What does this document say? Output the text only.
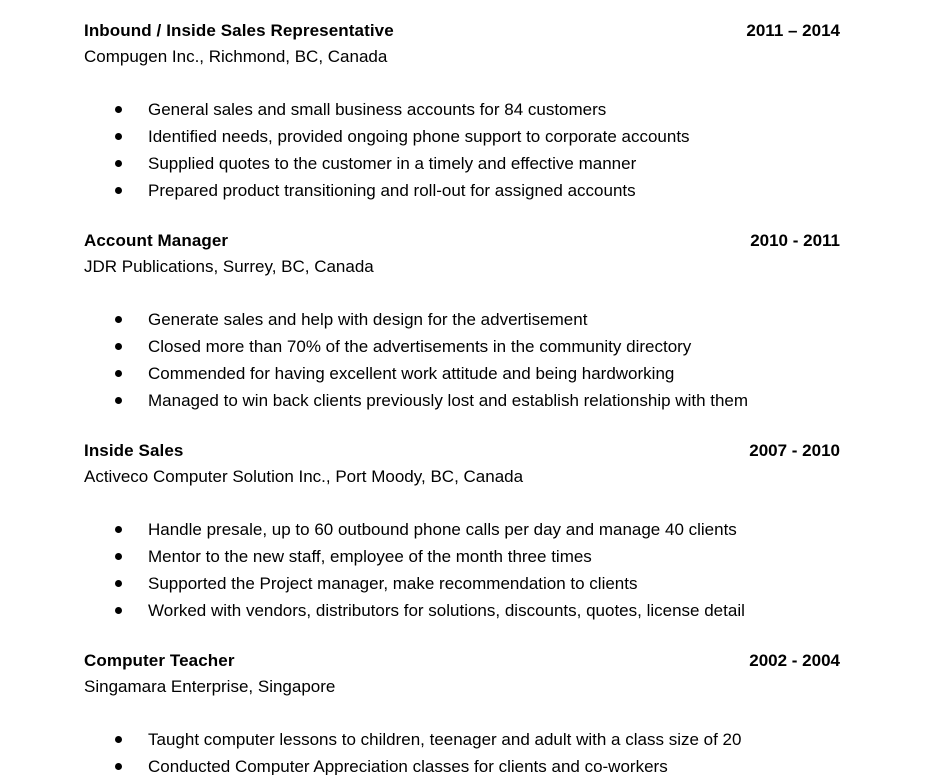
Inbound / Inside Sales Representative	2011 – 2014
Compugen Inc., Richmond, BC, Canada
General sales and small business accounts for 84 customers
Identified needs, provided ongoing phone support to corporate accounts
Supplied quotes to the customer in a timely and effective manner
Prepared product transitioning and roll-out for assigned accounts
Account Manager	2010 - 2011
JDR Publications, Surrey, BC, Canada
Generate sales and help with design for the advertisement
Closed more than 70% of the advertisements in the community directory
Commended for having excellent work attitude and being hardworking
Managed to win back clients previously lost and establish relationship with them
Inside Sales	2007 - 2010
Activeco Computer Solution Inc., Port Moody, BC, Canada
Handle presale, up to 60 outbound phone calls per day and manage 40 clients
Mentor to the new staff, employee of the month three times
Supported the Project manager, make recommendation to clients
Worked with vendors, distributors for solutions, discounts, quotes, license detail
Computer Teacher	2002 - 2004
Singamara Enterprise, Singapore
Taught computer lessons to children, teenager and adult with a class size of 20
Conducted Computer Appreciation classes for clients and co-workers
